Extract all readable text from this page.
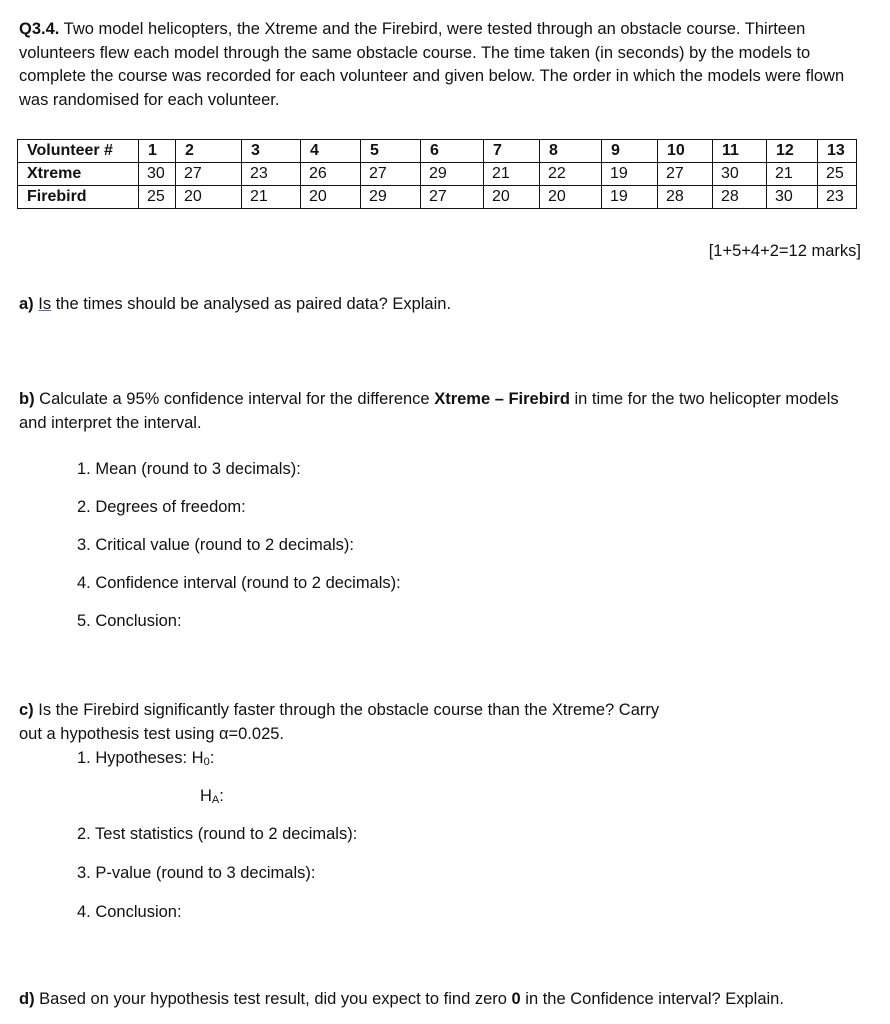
Q3.4. Two model helicopters, the Xtreme and the Firebird, were tested through an obstacle course. Thirteen volunteers flew each model through the same obstacle course. The time taken (in seconds) by the models to complete the course was recorded for each volunteer and given below. The order in which the models were flown was randomised for each volunteer.
Volunteer #	1	2	3	4	5	6	7	8	9	10	11	12	13
Xtreme	30	27	23	26	27	29	21	22	19	27	30	21	25
Firebird	25	20	21	20	29	27	20	20	19	28	28	30	23
[1+5+4+2=12 marks]
a) Is the times should be analysed as paired data? Explain.
b) Calculate a 95% confidence interval for the difference Xtreme – Firebird in time for the two helicopter models and interpret the interval.
1. Mean (round to 3 decimals):
2. Degrees of freedom:
3. Critical value (round to 2 decimals):
4. Confidence interval (round to 2 decimals):
5. Conclusion:
c) Is the Firebird significantly faster through the obstacle course than the Xtreme? Carry
out a hypothesis test using α=0.025.
1. Hypotheses: $H_0$:
$H_A$:
2. Test statistics (round to 2 decimals):
3. P-value (round to 3 decimals):
4. Conclusion:
d) Based on your hypothesis test result, did you expect to find zero 0 in the Confidence interval? Explain.
